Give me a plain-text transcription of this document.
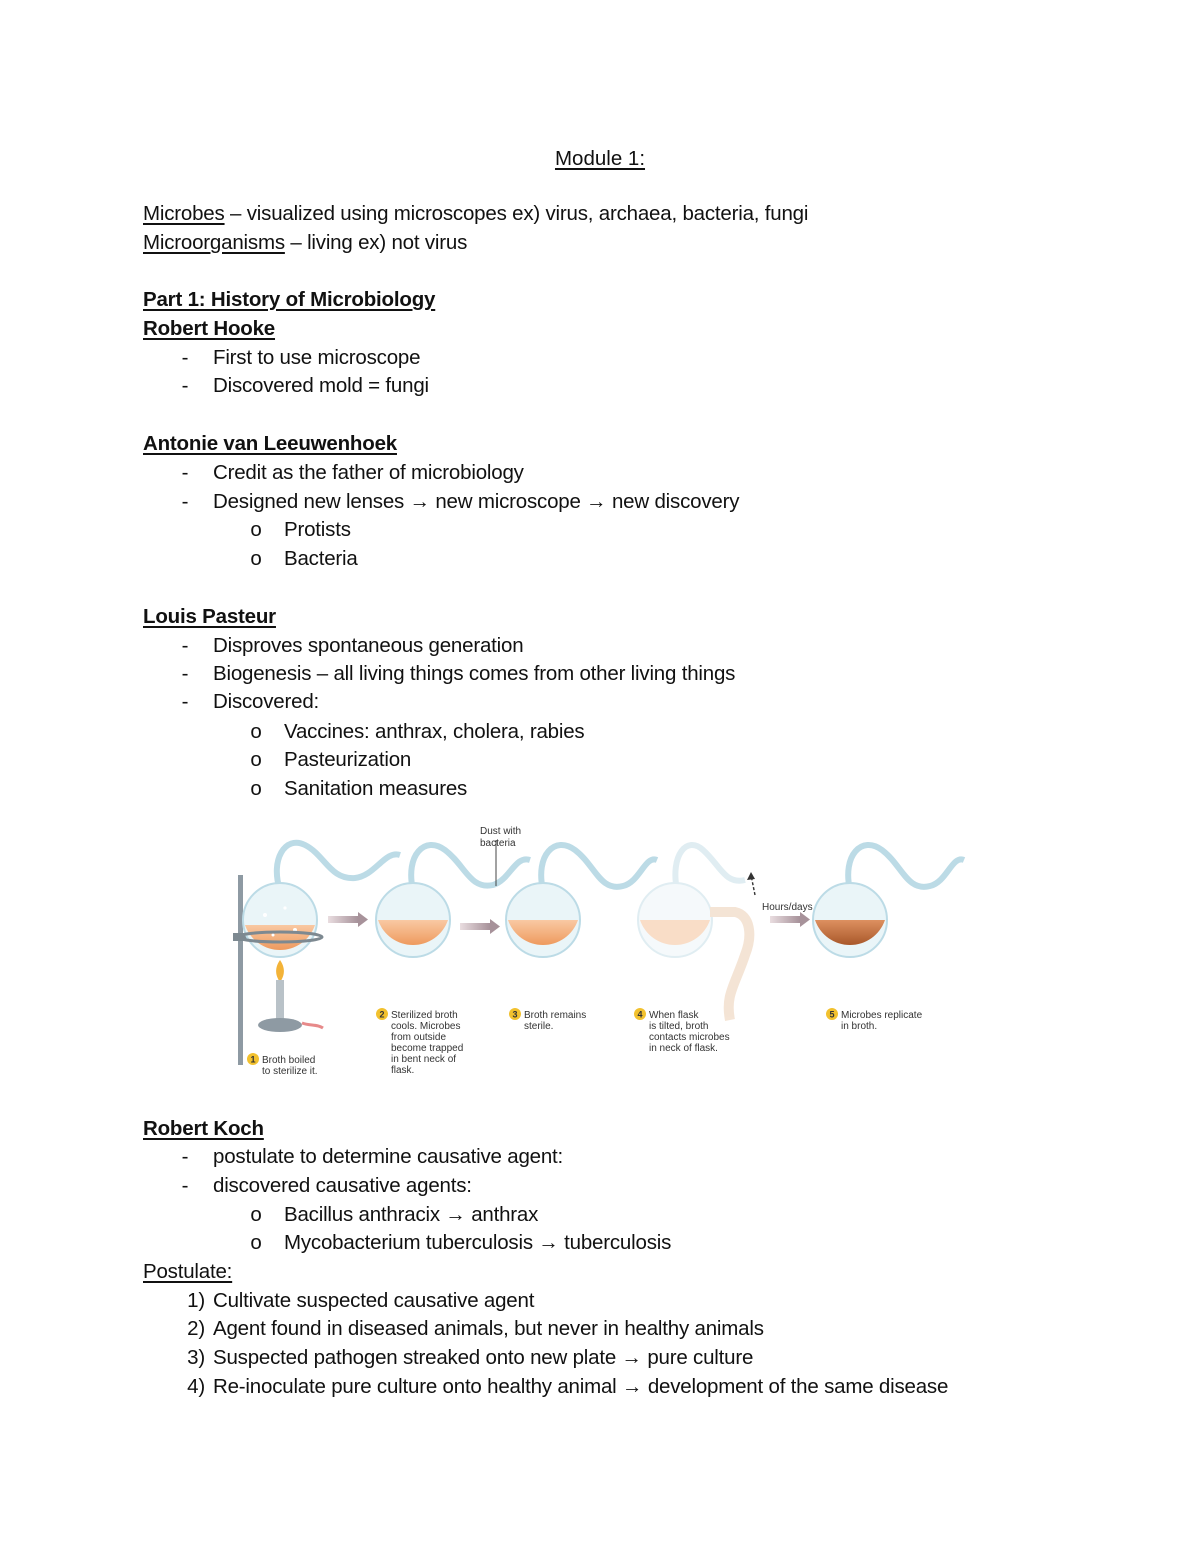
Module 1:
Microbes – visualized using microscopes ex) virus, archaea, bacteria, fungi
Microorganisms – living ex) not virus
Part 1: History of Microbiology
Robert Hooke
-	First to use microscope
-	Discovered mold = fungi
Antonie van Leeuwenhoek
-	Credit as the father of microbiology
-	Designed new lenses → new microscope → new discovery
o Protists
o Bacteria
Louis Pasteur
-	Disproves spontaneous generation
-	Biogenesis – all living things comes from other living things
-	Discovered:
o Vaccines: anthrax, cholera, rabies
o Pasteurization
o Sanitation measures
Dust with
bacteria
Hours/days
1 Broth boiled
to sterilize it.
2 Sterilized broth
cools. Microbes
from outside
become trapped
in bent neck of
flask.
3 Broth remains
sterile.
4 When flask
is tilted, broth
contacts microbes
in neck of flask.
5 Microbes replicate
in broth.
Robert Koch
-	postulate to determine causative agent:
-	discovered causative agents:
o Bacillus anthracix → anthrax
o Mycobacterium tuberculosis → tuberculosis
Postulate:
1) Cultivate suspected causative agent
2) Agent found in diseased animals, but never in healthy animals
3) Suspected pathogen streaked onto new plate → pure culture
4) Re-inoculate pure culture onto healthy animal → development of the same disease
